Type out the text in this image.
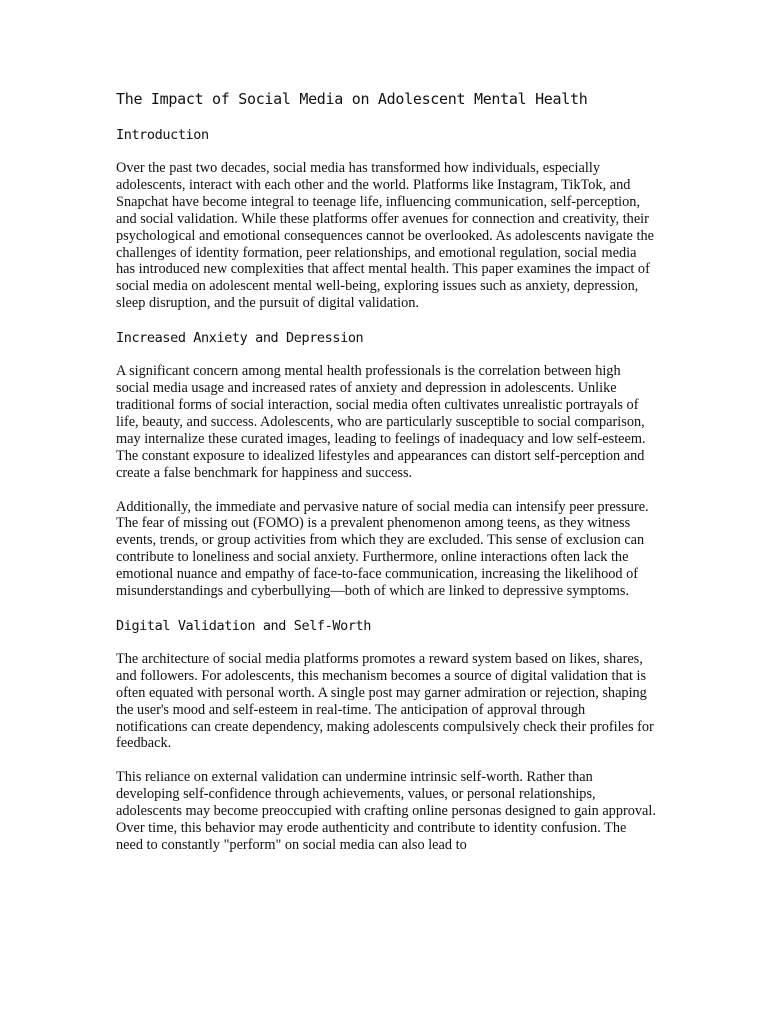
The Impact of Social Media on Adolescent Mental Health
Introduction

Over the past two decades, social media has transformed how individuals, especially adolescents, interact with each other and the world. Platforms like Instagram, TikTok, and Snapchat have become integral to teenage life, influencing communication, self-perception, and social validation. While these platforms offer avenues for connection and creativity, their psychological and emotional consequences cannot be overlooked. As adolescents navigate the challenges of identity formation, peer relationships, and emotional regulation, social media has introduced new complexities that affect mental health. This paper examines the impact of social media on adolescent mental well-being, exploring issues such as anxiety, depression, sleep disruption, and the pursuit of digital validation.

Increased Anxiety and Depression

A significant concern among mental health professionals is the correlation between high social media usage and increased rates of anxiety and depression in adolescents. Unlike traditional forms of social interaction, social media often cultivates unrealistic portrayals of life, beauty, and success. Adolescents, who are particularly susceptible to social comparison, may internalize these curated images, leading to feelings of inadequacy and low self-esteem. The constant exposure to idealized lifestyles and appearances can distort self-perception and create a false benchmark for happiness and success.

Additionally, the immediate and pervasive nature of social media can intensify peer pressure. The fear of missing out (FOMO) is a prevalent phenomenon among teens, as they witness events, trends, or group activities from which they are excluded. This sense of exclusion can contribute to loneliness and social anxiety. Furthermore, online interactions often lack the emotional nuance and empathy of face-to-face communication, increasing the likelihood of misunderstandings and cyberbullying—both of which are linked to depressive symptoms.

Digital Validation and Self-Worth

The architecture of social media platforms promotes a reward system based on likes, shares, and followers. For adolescents, this mechanism becomes a source of digital validation that is often equated with personal worth. A single post may garner admiration or rejection, shaping the user's mood and self-esteem in real-time. The anticipation of approval through notifications can create dependency, making adolescents compulsively check their profiles for feedback.

This reliance on external validation can undermine intrinsic self-worth. Rather than developing self-confidence through achievements, values, or personal relationships, adolescents may become preoccupied with crafting online personas designed to gain approval. Over time, this behavior may erode authenticity and contribute to identity confusion. The need to constantly "perform" on social media can also lead to
